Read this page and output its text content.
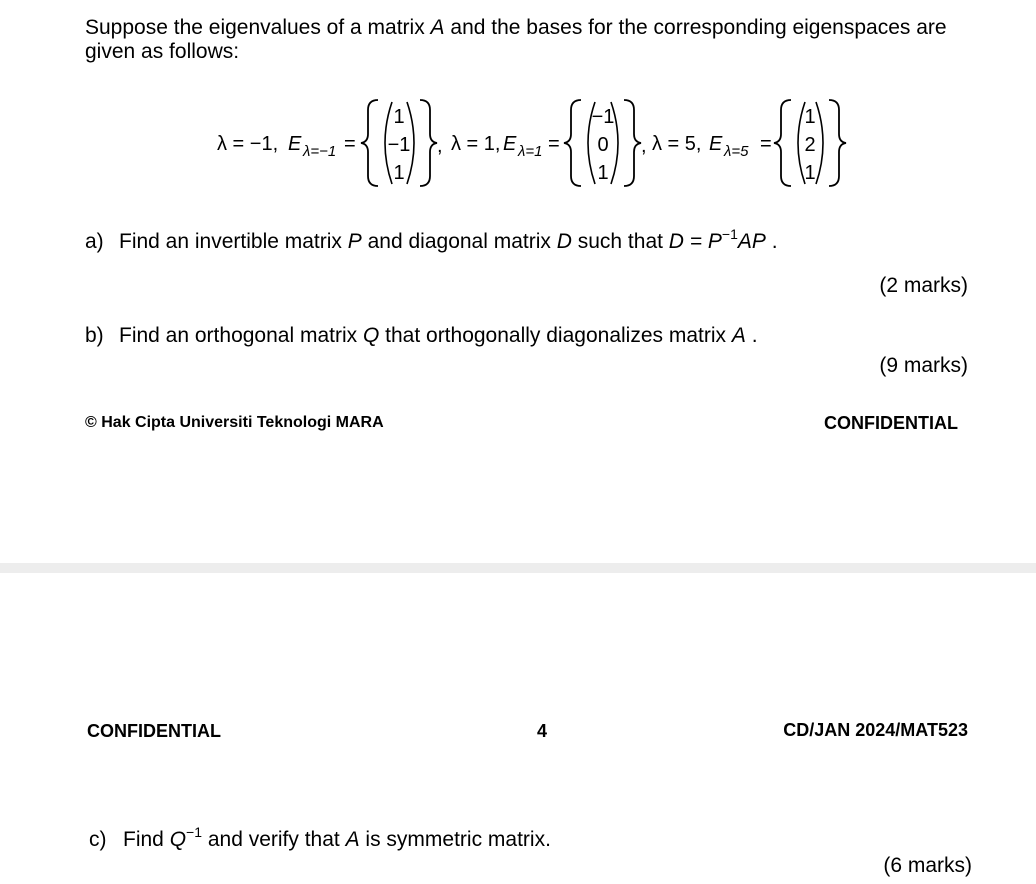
Suppose the eigenvalues of a matrix A and the bases for the corresponding eigenspaces are given as follows:
λ = −1, E λ=−1 =
1
−1
1
, λ = 1, E λ=1 =
−1
0
1
, λ = 5, E λ=5 =
1
2
1
a) Find an invertible matrix P and diagonal matrix D such that $D = P^{-1}AP$ .
(2 marks)
b) Find an orthogonal matrix Q that orthogonally diagonalizes matrix A .
(9 marks)
© Hak Cipta Universiti Teknologi MARA	CONFIDENTIAL
CONFIDENTIAL	4	CD/JAN 2024/MAT523
c) Find $Q^{-1}$ and verify that A is symmetric matrix.
(6 marks)
